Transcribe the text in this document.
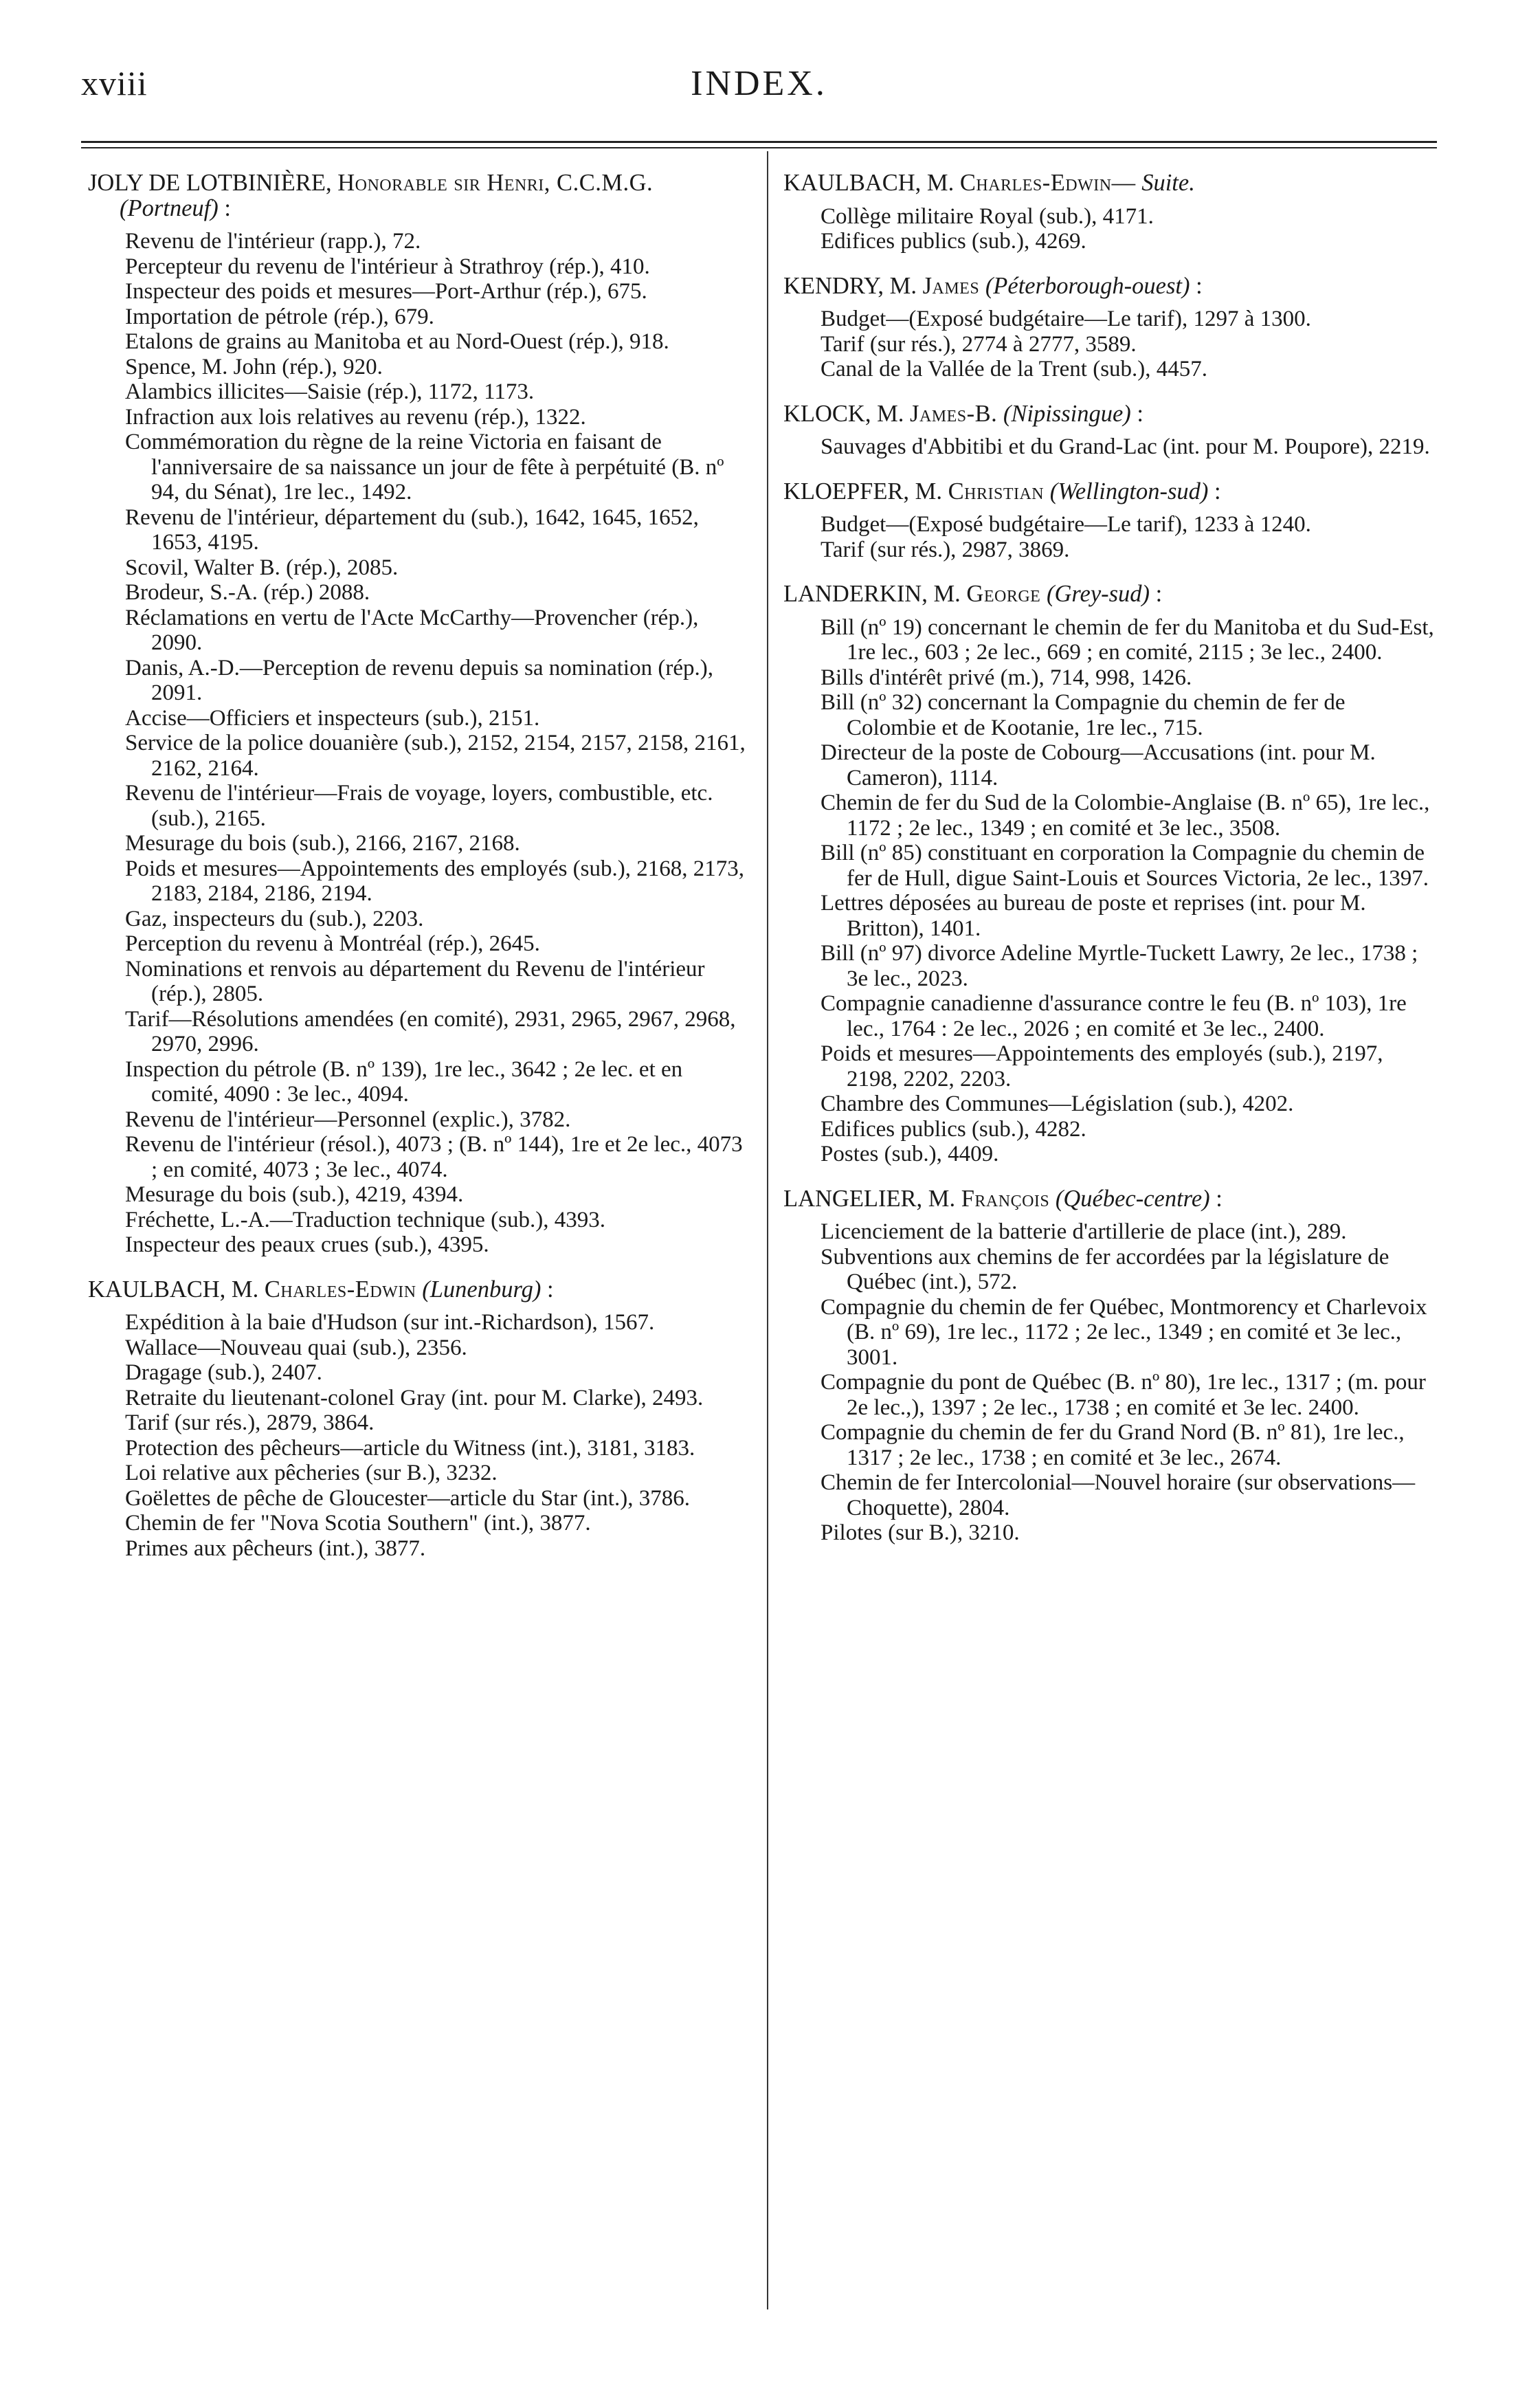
xviii	INDEX.
JOLY DE LOTBINIÈRE, Honorable sir Henri, C.C.M.G. (Portneuf) :

Revenu de l'intérieur (rapp.), 72.

Percepteur du revenu de l'intérieur à Strathroy (rép.), 410.

Inspecteur des poids et mesures—Port-Arthur (rép.), 675.

Importation de pétrole (rép.), 679.

Etalons de grains au Manitoba et au Nord-Ouest (rép.), 918.

Spence, M. John (rép.), 920.

Alambics illicites—Saisie (rép.), 1172, 1173.

Infraction aux lois relatives au revenu (rép.), 1322.

Commémoration du règne de la reine Victoria en faisant de l'anniversaire de sa naissance un jour de fête à perpétuité (B. nº 94, du Sénat), 1re lec., 1492.

Revenu de l'intérieur, département du (sub.), 1642, 1645, 1652, 1653, 4195.

Scovil, Walter B. (rép.), 2085.

Brodeur, S.-A. (rép.) 2088.

Réclamations en vertu de l'Acte McCarthy—Provencher (rép.), 2090.

Danis, A.-D.—Perception de revenu depuis sa nomination (rép.), 2091.

Accise—Officiers et inspecteurs (sub.), 2151.

Service de la police douanière (sub.), 2152, 2154, 2157, 2158, 2161, 2162, 2164.

Revenu de l'intérieur—Frais de voyage, loyers, combustible, etc. (sub.), 2165.

Mesurage du bois (sub.), 2166, 2167, 2168.

Poids et mesures—Appointements des employés (sub.), 2168, 2173, 2183, 2184, 2186, 2194.

Gaz, inspecteurs du (sub.), 2203.

Perception du revenu à Montréal (rép.), 2645.

Nominations et renvois au département du Revenu de l'intérieur (rép.), 2805.

Tarif—Résolutions amendées (en comité), 2931, 2965, 2967, 2968, 2970, 2996.

Inspection du pétrole (B. nº 139), 1re lec., 3642 ; 2e lec. et en comité, 4090 : 3e lec., 4094.

Revenu de l'intérieur—Personnel (explic.), 3782.

Revenu de l'intérieur (résol.), 4073 ; (B. nº 144), 1re et 2e lec., 4073 ; en comité, 4073 ; 3e lec., 4074.

Mesurage du bois (sub.), 4219, 4394.

Fréchette, L.-A.—Traduction technique (sub.), 4393.

Inspecteur des peaux crues (sub.), 4395.

KAULBACH, M. Charles-Edwin (Lunenburg) :

Expédition à la baie d'Hudson (sur int.-Richardson), 1567.

Wallace—Nouveau quai (sub.), 2356.

Dragage (sub.), 2407.

Retraite du lieutenant-colonel Gray (int. pour M. Clarke), 2493.

Tarif (sur rés.), 2879, 3864.

Protection des pêcheurs—article du Witness (int.), 3181, 3183.

Loi relative aux pêcheries (sur B.), 3232.

Goëlettes de pêche de Gloucester—article du Star (int.), 3786.

Chemin de fer "Nova Scotia Southern" (int.), 3877.

Primes aux pêcheurs (int.), 3877.

KAULBACH, M. Charles-Edwin— Suite.

Collège militaire Royal (sub.), 4171.

Edifices publics (sub.), 4269.

KENDRY, M. James (Péterborough-ouest) :

Budget—(Exposé budgétaire—Le tarif), 1297 à 1300.

Tarif (sur rés.), 2774 à 2777, 3589.

Canal de la Vallée de la Trent (sub.), 4457.

KLOCK, M. James-B. (Nipissingue) :

Sauvages d'Abbitibi et du Grand-Lac (int. pour M. Poupore), 2219.

KLOEPFER, M. Christian (Wellington-sud) :

Budget—(Exposé budgétaire—Le tarif), 1233 à 1240.

Tarif (sur rés.), 2987, 3869.

LANDERKIN, M. George (Grey-sud) :

Bill (nº 19) concernant le chemin de fer du Manitoba et du Sud-Est, 1re lec., 603 ; 2e lec., 669 ; en comité, 2115 ; 3e lec., 2400.

Bills d'intérêt privé (m.), 714, 998, 1426.

Bill (nº 32) concernant la Compagnie du chemin de fer de Colombie et de Kootanie, 1re lec., 715.

Directeur de la poste de Cobourg—Accusations (int. pour M. Cameron), 1114.

Chemin de fer du Sud de la Colombie-Anglaise (B. nº 65), 1re lec., 1172 ; 2e lec., 1349 ; en comité et 3e lec., 3508.

Bill (nº 85) constituant en corporation la Compagnie du chemin de fer de Hull, digue Saint-Louis et Sources Victoria, 2e lec., 1397.

Lettres déposées au bureau de poste et reprises (int. pour M. Britton), 1401.

Bill (nº 97) divorce Adeline Myrtle-Tuckett Lawry, 2e lec., 1738 ; 3e lec., 2023.

Compagnie canadienne d'assurance contre le feu (B. nº 103), 1re lec., 1764 : 2e lec., 2026 ; en comité et 3e lec., 2400.

Poids et mesures—Appointements des employés (sub.), 2197, 2198, 2202, 2203.

Chambre des Communes—Législation (sub.), 4202.

Edifices publics (sub.), 4282.

Postes (sub.), 4409.

LANGELIER, M. François (Québec-centre) :

Licenciement de la batterie d'artillerie de place (int.), 289.

Subventions aux chemins de fer accordées par la législature de Québec (int.), 572.

Compagnie du chemin de fer Québec, Montmorency et Charlevoix (B. nº 69), 1re lec., 1172 ; 2e lec., 1349 ; en comité et 3e lec., 3001.

Compagnie du pont de Québec (B. nº 80), 1re lec., 1317 ; (m. pour 2e lec.,), 1397 ; 2e lec., 1738 ; en comité et 3e lec. 2400.

Compagnie du chemin de fer du Grand Nord (B. nº 81), 1re lec., 1317 ; 2e lec., 1738 ; en comité et 3e lec., 2674.

Chemin de fer Intercolonial—Nouvel horaire (sur observations—Choquette), 2804.

Pilotes (sur B.), 3210.
